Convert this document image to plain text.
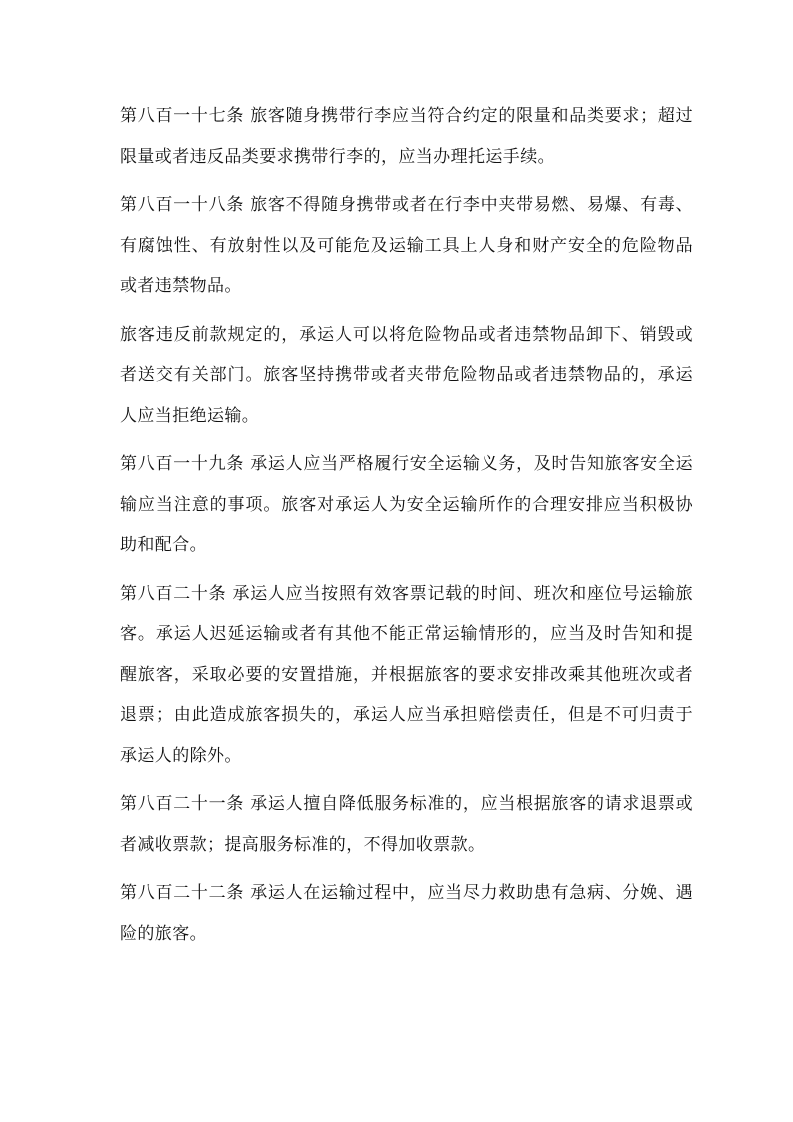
第八百一十七条 旅客随身携带行李应当符合约定的限量和品类要求；超过限量或者违反品类要求携带行李的，应当办理托运手续。

第八百一十八条 旅客不得随身携带或者在行李中夹带易燃、易爆、有毒、有腐蚀性、有放射性以及可能危及运输工具上人身和财产安全的危险物品或者违禁物品。

旅客违反前款规定的，承运人可以将危险物品或者违禁物品卸下、销毁或者送交有关部门。旅客坚持携带或者夹带危险物品或者违禁物品的，承运人应当拒绝运输。

第八百一十九条 承运人应当严格履行安全运输义务，及时告知旅客安全运输应当注意的事项。旅客对承运人为安全运输所作的合理安排应当积极协助和配合。

第八百二十条 承运人应当按照有效客票记载的时间、班次和座位号运输旅客。承运人迟延运输或者有其他不能正常运输情形的，应当及时告知和提醒旅客，采取必要的安置措施，并根据旅客的要求安排改乘其他班次或者退票；由此造成旅客损失的，承运人应当承担赔偿责任，但是不可归责于承运人的除外。

第八百二十一条 承运人擅自降低服务标准的，应当根据旅客的请求退票或者减收票款；提高服务标准的，不得加收票款。

第八百二十二条 承运人在运输过程中，应当尽力救助患有急病、分娩、遇险的旅客。
